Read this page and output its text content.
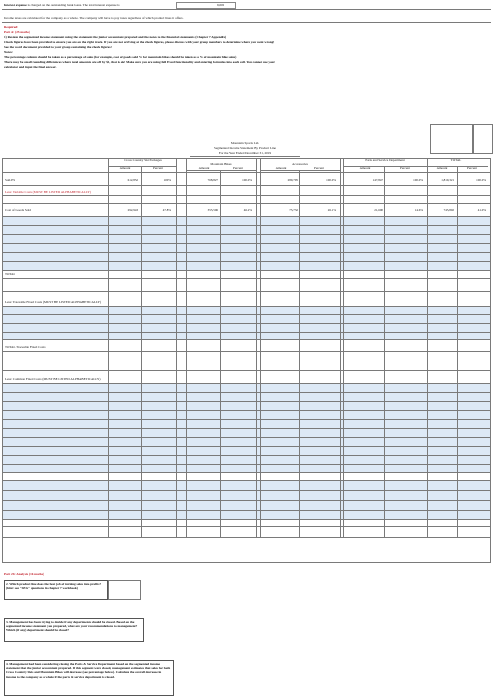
Interest expense is charged on the outstanding bank loans. The total interest expense is	9,000
Income taxes are calculated for the company as a whole. The company will have to pay taxes regardless of which product lines it offers.
Required:
Part A: (25 marks)
1) Restate the segmented income statement using the statement the junior accountant prepared and the notes to the financial statements (Chapter 7 Appendix)
Check figures have been provided to ensure you are on the right track. If you are not arriving at the check figures, please discuss with your group members to determine where you went wrong!
See the word document provided to your group containing the check figures!
Notes:
The percentage column should be taken as a percentage of sales (for example, cost of goods sold % for mountain bikes should be taken as a % of mountain bike sales)
There may be small rounding differences where total amounts are off by $1, that is ok! Make sure you are using full Excel functionality and entering formulas into each cell. You cannot use your
calculator and input the final answer.
Mountain Sports Ltd.
Segmented Income Statement By Product Line
For the Year Ended December 31, 2019
Cross Country Ski Packages
Mountain Bikes	Accessories
Parts and Service Department	TOTAL
Amount	Percent	Amount	Percent	Amount	Percent	Amount	Percent	Amount	Percent
SALES	612,852	100%	768,827	100.0%	289,795	100.0%	147,847	100.0%	1,819,321	100.0%
Less: Variable Costs (MUST BE LISTED ALPHABETICALLY)
Cost of Goods Sold	292,943	47.8%	355,506	46.2%	75,732	26.1%	21,600	14.6%	745,802	41.0%
TOTAL
Less: Traceable Fixed Costs (MUST BE LISTED ALPHABETICALLY)
TOTAL Traceable Fixed Costs
Less: Common Fixed Costs (MUST BE LISTED ALPHABETICALLY)
Part 2b: Analysis (16 marks)
2. Which product line does the best job of turning sales into profits? (hint: see "SEG" questions in chapter 7 workbook)
3. Management has been trying to decide if any departments should be closed. Based on the segmented income statement you prepared, what are your recommendations to management? Which (if any) department should be closed?
4. Management had been considering closing the Parts & Service Department based on the segmented income statement that the junior accountant prepared. If this segment were closed, management estimates that sales for both Cross Country Skis and Mountain Bikes will decrease (see percentage below). Calculate the overall decrease in income to the company as a whole if the parts & service department is closed.
